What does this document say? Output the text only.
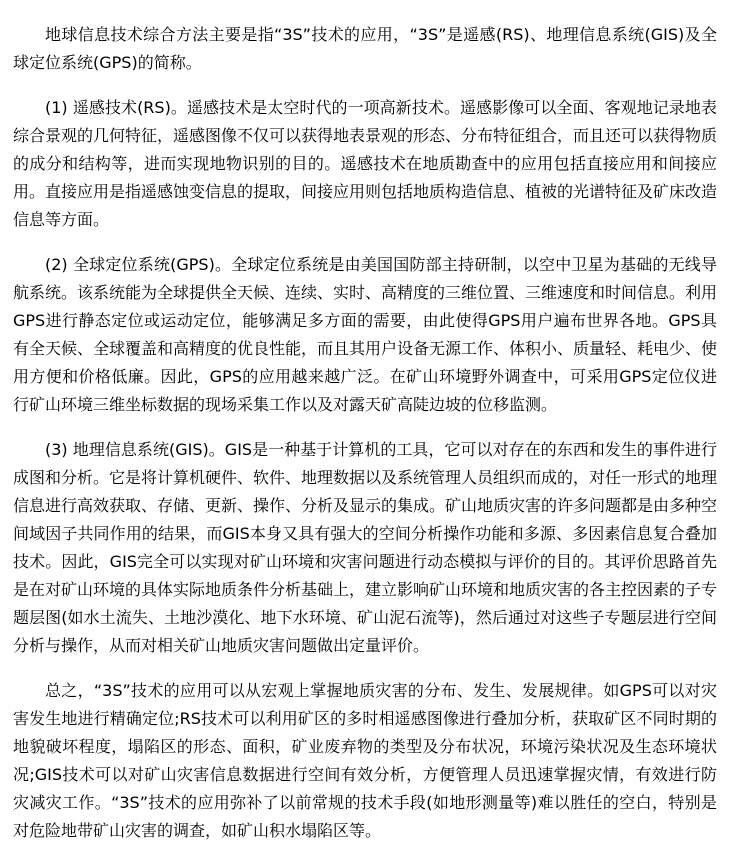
地球信息技术综合方法主要是指“3S”技术的应用，“3S”是遥感(RS)、地理信息系统(GIS)及全球定位系统(GPS)的简称。

(1) 遥感技术(RS)。遥感技术是太空时代的一项高新技术。遥感影像可以全面、客观地记录地表综合景观的几何特征，遥感图像不仅可以获得地表景观的形态、分布特征组合，而且还可以获得物质的成分和结构等，进而实现地物识别的目的。遥感技术在地质勘查中的应用包括直接应用和间接应用。直接应用是指遥感蚀变信息的提取，间接应用则包括地质构造信息、植被的光谱特征及矿床改造信息等方面。

(2) 全球定位系统(GPS)。全球定位系统是由美国国防部主持研制，以空中卫星为基础的无线导航系统。该系统能为全球提供全天候、连续、实时、高精度的三维位置、三维速度和时间信息。利用GPS进行静态定位或运动定位，能够满足多方面的需要，由此使得GPS用户遍布世界各地。GPS具有全天候、全球覆盖和高精度的优良性能，而且其用户设备无源工作、体积小、质量轻、耗电少、使用方便和价格低廉。因此，GPS的应用越来越广泛。在矿山环境野外调查中，可采用GPS定位仪进行矿山环境三维坐标数据的现场采集工作以及对露天矿高陡边坡的位移监测。

(3) 地理信息系统(GIS)。GIS是一种基于计算机的工具，它可以对存在的东西和发生的事件进行成图和分析。它是将计算机硬件、软件、地理数据以及系统管理人员组织而成的，对任一形式的地理信息进行高效获取、存储、更新、操作、分析及显示的集成。矿山地质灾害的许多问题都是由多种空间域因子共同作用的结果，而GIS本身又具有强大的空间分析操作功能和多源、多因素信息复合叠加技术。因此，GIS完全可以实现对矿山环境和灾害问题进行动态模拟与评价的目的。其评价思路首先是在对矿山环境的具体实际地质条件分析基础上，建立影响矿山环境和地质灾害的各主控因素的子专题层图(如水土流失、土地沙漠化、地下水环境、矿山泥石流等)，然后通过对这些子专题层进行空间分析与操作，从而对相关矿山地质灾害问题做出定量评价。

总之，“3S”技术的应用可以从宏观上掌握地质灾害的分布、发生、发展规律。如GPS可以对灾害发生地进行精确定位;RS技术可以利用矿区的多时相遥感图像进行叠加分析，获取矿区不同时期的地貌破坏程度，塌陷区的形态、面积，矿业废弃物的类型及分布状况，环境污染状况及生态环境状况;GIS技术可以对矿山灾害信息数据进行空间有效分析，方便管理人员迅速掌握灾情，有效进行防灾减灾工作。“3S”技术的应用弥补了以前常规的技术手段(如地形测量等)难以胜任的空白，特别是对危险地带矿山灾害的调查，如矿山积水塌陷区等。
